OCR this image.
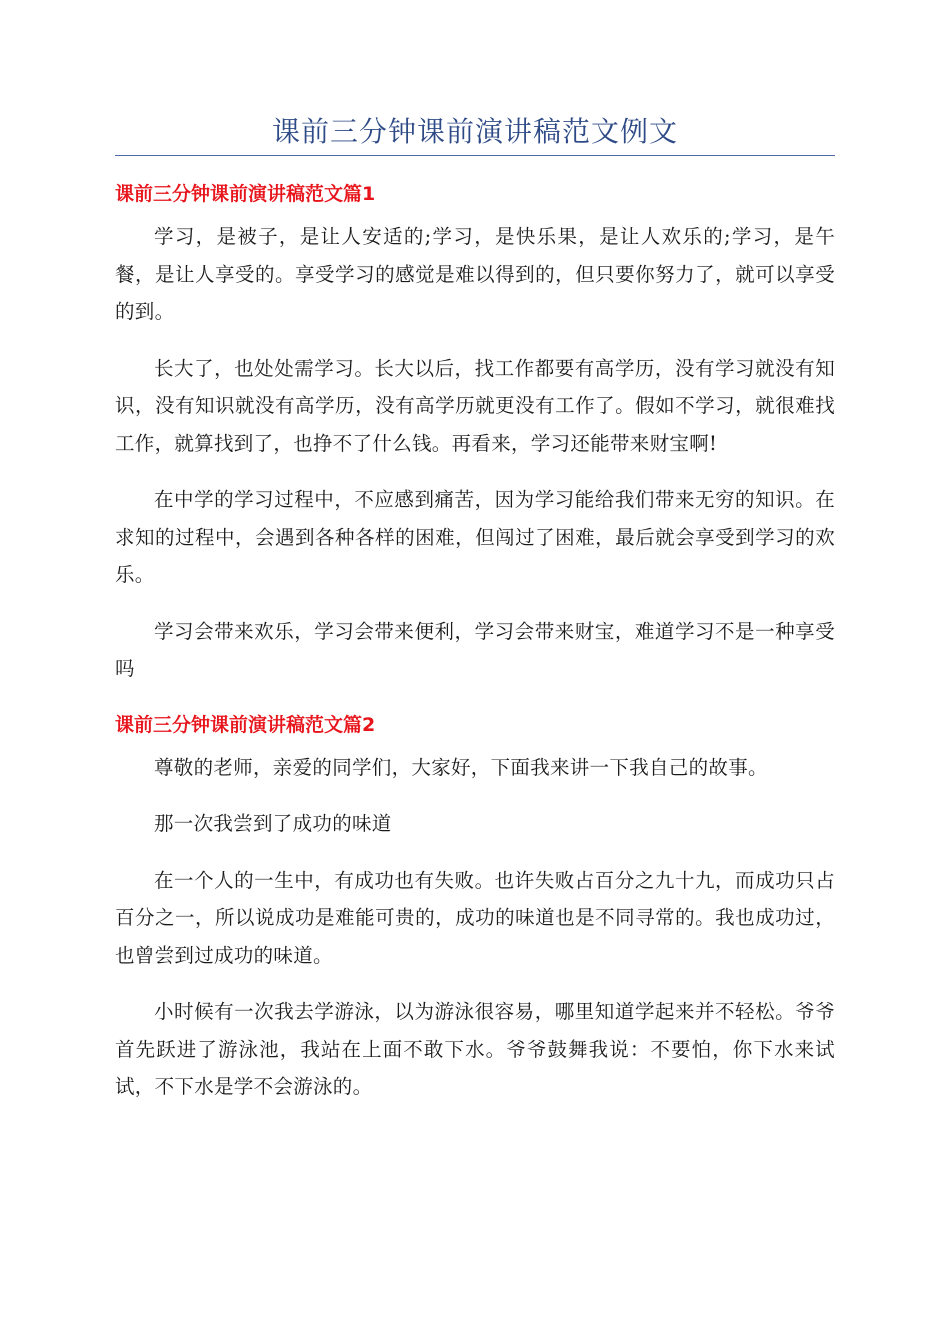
课前三分钟课前演讲稿范文例文
课前三分钟课前演讲稿范文篇1

学习，是被子，是让人安适的;学习，是快乐果，是让人欢乐的;学习，是午餐，是让人享受的。享受学习的感觉是难以得到的，但只要你努力了，就可以享受的到。

长大了，也处处需学习。长大以后，找工作都要有高学历，没有学习就没有知识，没有知识就没有高学历，没有高学历就更没有工作了。假如不学习，就很难找工作，就算找到了，也挣不了什么钱。再看来，学习还能带来财宝啊!

在中学的学习过程中，不应感到痛苦，因为学习能给我们带来无穷的知识。在求知的过程中，会遇到各种各样的困难，但闯过了困难，最后就会享受到学习的欢乐。

学习会带来欢乐，学习会带来便利，学习会带来财宝，难道学习不是一种享受吗

课前三分钟课前演讲稿范文篇2

尊敬的老师，亲爱的同学们，大家好，下面我来讲一下我自己的故事。

那一次我尝到了成功的味道

在一个人的一生中，有成功也有失败。也许失败占百分之九十九，而成功只占百分之一，所以说成功是难能可贵的，成功的味道也是不同寻常的。我也成功过，也曾尝到过成功的味道。

小时候有一次我去学游泳，以为游泳很容易，哪里知道学起来并不轻松。爷爷首先跃进了游泳池，我站在上面不敢下水。爷爷鼓舞我说：不要怕，你下水来试试，不下水是学不会游泳的。
